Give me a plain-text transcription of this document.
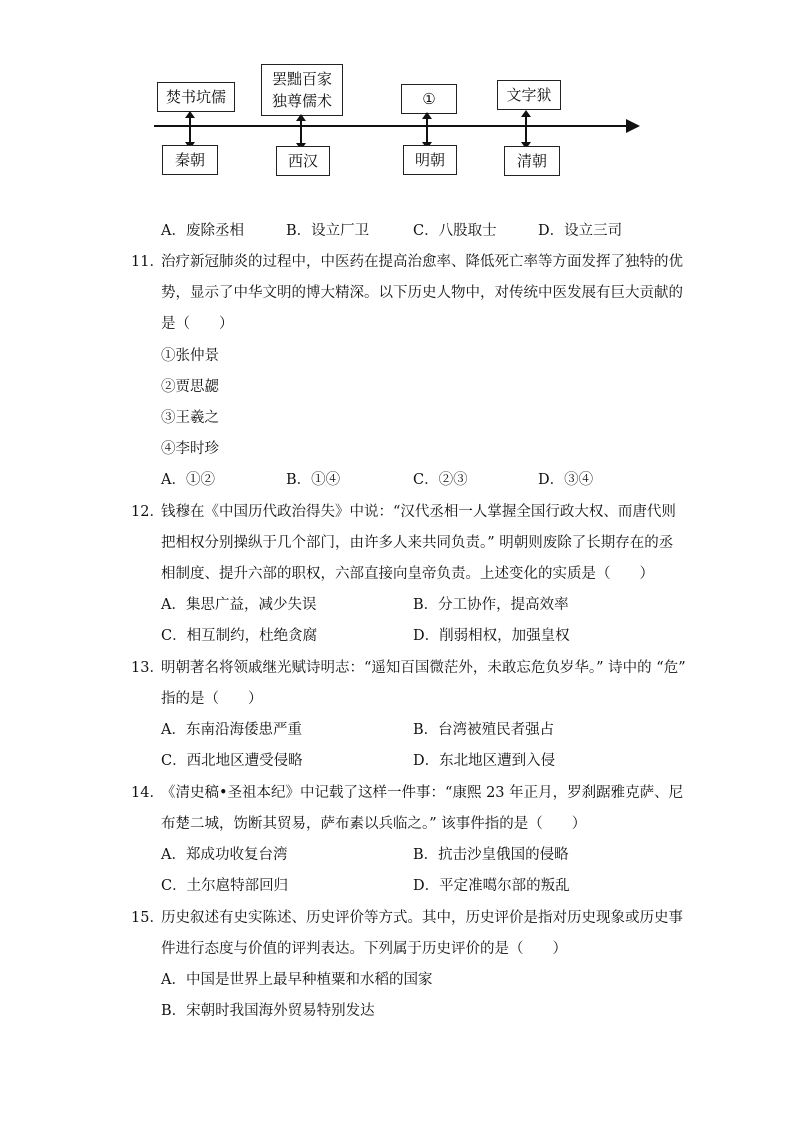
焚书坑儒
罢黜百家
独尊儒术	①	文字狱
秦朝	西汉	明朝	清朝
A．废除丞相	B．设立厂卫	C．八股取士	D．设立三司
11．
治疗新冠肺炎的过程中，中医药在提高治愈率、降低死亡率等方面发挥了独特的优
势，显示了中华文明的博大精深。以下历史人物中，对传统中医发展有巨大贡献的
是（　　）
①张仲景
②贾思勰
③王羲之
④李时珍
A．①②	B．①④	C．②③	D．③④
12．
钱穆在《中国历代政治得失》中说：“汉代丞相一人掌握全国行政大权、而唐代则
把相权分别操纵于几个部门，由许多人来共同负责。” 明朝则废除了长期存在的丞
相制度、提升六部的职权，六部直接向皇帝负责。上述变化的实质是（　　）
A．集思广益，减少失误	B．分工协作，提高效率
C．相互制约，杜绝贪腐	D．削弱相权，加强皇权
13．
明朝著名将领戚继光赋诗明志：“遥知百国微茫外，未敢忘危负岁华。” 诗中的 “危”
指的是（　　）
A．东南沿海倭患严重	B．台湾被殖民者强占
C．西北地区遭受侵略	D．东北地区遭到入侵
14．
《清史稿•圣祖本纪》中记载了这样一件事：“康熙 23 年正月，罗刹踞雅克萨、尼
布楚二城，饬断其贸易，萨布素以兵临之。” 该事件指的是（　　）
A．郑成功收复台湾	B．抗击沙皇俄国的侵略
C．土尔扈特部回归	D．平定准噶尔部的叛乱
15．
历史叙述有史实陈述、历史评价等方式。其中，历史评价是指对历史现象或历史事
件进行态度与价值的评判表达。下列属于历史评价的是（　　）
A．中国是世界上最早种植粟和水稻的国家
B．宋朝时我国海外贸易特别发达
